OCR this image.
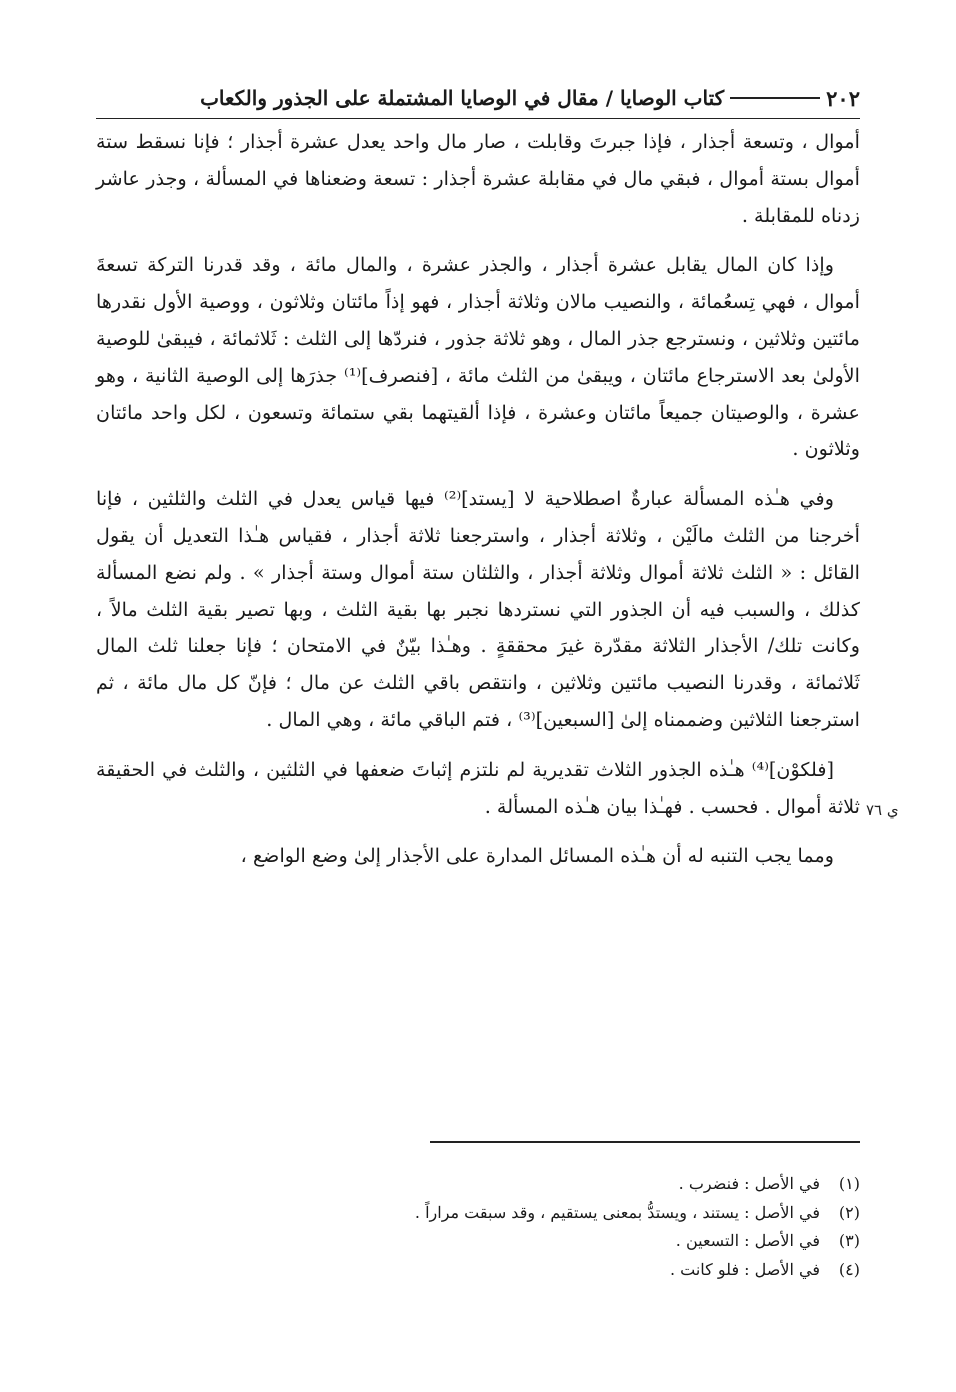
٢٠٢
كتاب الوصايا / مقال في الوصايا المشتملة على الجذور والكعاب

أموال ، وتسعة أجذار ، فإذا جبرتَ وقابلت ، صار مال واحد يعدل عشرة أجذار ؛ فإنا نسقط ستة أموال بستة أموال ، فبقي مال في مقابلة عشرة أجذار : تسعة وضعناها في المسألة ، وجذر عاشر زدناه للمقابلة .

وإذا كان المال يقابل عشرة أجذار ، والجذر عشرة ، والمال مائة ، وقد قدرنا التركة تسعةَ أموال ، فهي تِسعُمائة ، والنصيب مالان وثلاثة أجذار ، فهو إذاً مائتان وثلاثون ، ووصية الأول نقدرها مائتين وثلاثين ، ونسترجع جذر المال ، وهو ثلاثة جذور ، فنردّها إلى الثلث : ثَلاثمائة ، فيبقىٰ للوصية الأولىٰ بعد الاسترجاع مائتان ، ويبقىٰ من الثلث مائة ، [فنصرف]⁽¹⁾ جذرَها إلى الوصية الثانية ، وهو عشرة ، والوصيتان جميعاً مائتان وعشرة ، فإذا ألقيتهما بقي ستمائة وتسعون ، لكل واحد مائتان وثلاثون .

وفي هـٰذه المسألة عبارةٌ اصطلاحية لا [يستد]⁽²⁾ فيها قياس يعدل في الثلث والثلثين ، فإنا أخرجنا من الثلث مالَيْن ، وثلاثة أجذار ، واسترجعنا ثلاثة أجذار ، فقياس هـٰذا التعديل أن يقول القائل : « الثلث ثلاثة أموال وثلاثة أجذار ، والثلثان ستة أموال وستة أجذار » . ولم نضع المسألة كذلك ، والسبب فيه أن الجذور التي نستردها نجبر بها بقية الثلث ، وبها تصير بقية الثلث مالاً ، وكانت تلك/ الأجذار الثلاثة مقدّرة غيرَ محققةٍ . وهـٰذا بيّنٌ في الامتحان ؛ فإنا جعلنا ثلث المال ثَلاثمائة ، وقدرنا النصيب مائتين وثلاثين ، وانتقص باقي الثلث عن مال ؛ فإنّ كل مال مائة ، ثم استرجعنا الثلاثين وضممناه إلىٰ [السبعين]⁽³⁾ ، فتم الباقي مائة ، وهي المال .

[فلكوْن]⁽⁴⁾ هـٰذه الجذور الثلاث تقديرية لم نلتزم إثباتَ ضعفها في الثلثين ، والثلث في الحقيقة ثلاثة أموال . فحسب . فهـٰذا بيان هـٰذه المسألة .

ومما يجب التنبه له أن هـٰذه المسائل المدارة على الأجذار إلىٰ وضع الواضع ،

ي ٧٦
(١)
في الأصل : فنضرب .
(٢)
في الأصل : يستند ، ويستدُّ بمعنى يستقيم ، وقد سبقت مراراً .
(٣)
في الأصل : التسعين .
(٤)
في الأصل : فلو كانت .
